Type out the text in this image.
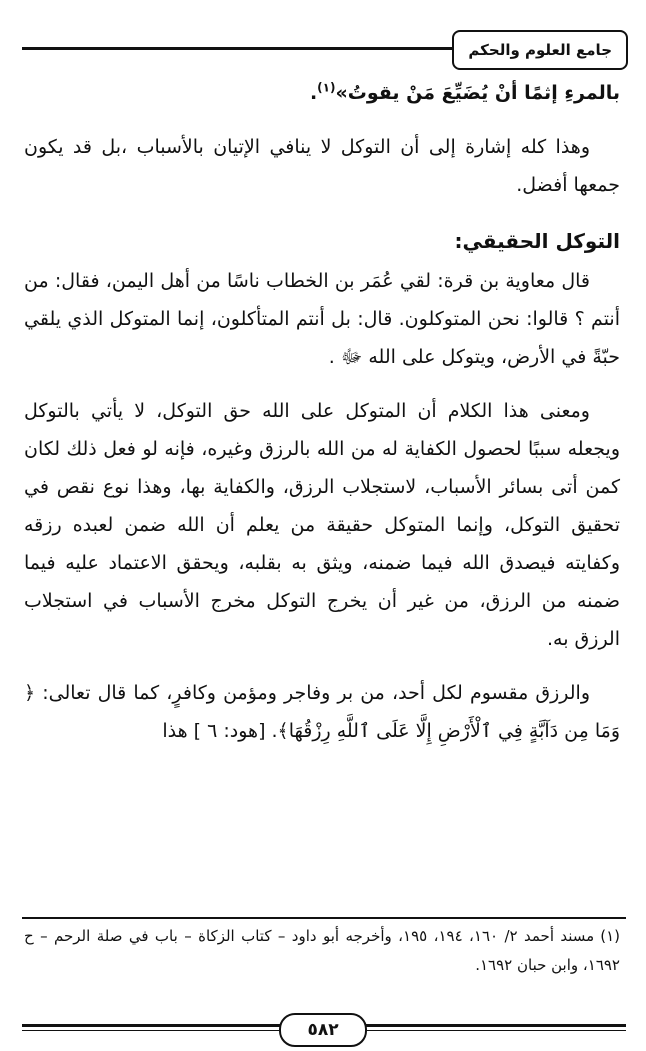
جامع العلوم والحكم

بالمرءِ إثمًا أنْ يُضَيِّعَ مَنْ يقوتُ»$^{(١)}$.

وهذا كله إشارة إلى أن التوكل لا ينافي الإتيان بالأسباب ،بل قد يكون جمعها أفضل.

التوكل الحقيقي:

قال معاوية بن قرة: لقي عُمَر بن الخطاب ناسًا من أهل اليمن، فقال: من أنتم ؟ قالوا: نحن المتوكلون. قال: بل أنتم المتأكلون، إنما المتوكل الذي يلقي حبّةً في الأرض، ويتوكل على الله ﷻ .

ومعنى هذا الكلام أن المتوكل على الله حق التوكل، لا يأتي بالتوكل ويجعله سببًا لحصول الكفاية له من الله بالرزق وغيره، فإنه لو فعل ذلك لكان كمن أتى بسائر الأسباب، لاستجلاب الرزق، والكفاية بها، وهذا نوع نقص في تحقيق التوكل، وإنما المتوكل حقيقة من يعلم أن الله ضمن لعبده رزقه وكفايته فيصدق الله فيما ضمنه، ويثق به بقلبه، ويحقق الاعتماد عليه فيما ضمنه من الرزق، من غير أن يخرج التوكل مخرج الأسباب في استجلاب الرزق به.

والرزق مقسوم لكل أحد، من بر وفاجر ومؤمن وكافرٍ، كما قال تعالى: ﴿ وَمَا مِن دَآبَّةٍ فِي ٱلْأَرْضِ إِلَّا عَلَى ٱللَّهِ رِزْقُهَا﴾. [هود: ٦ ] هذا

(١)مسند أحمد ٢/ ١٦٠، ١٩٤، ١٩٥، وأخرجه أبو داود – كتاب الزكاة – باب في صلة الرحم – ح ١٦٩٢، وابن حبان ١٦٩٢.
٥٨٢
